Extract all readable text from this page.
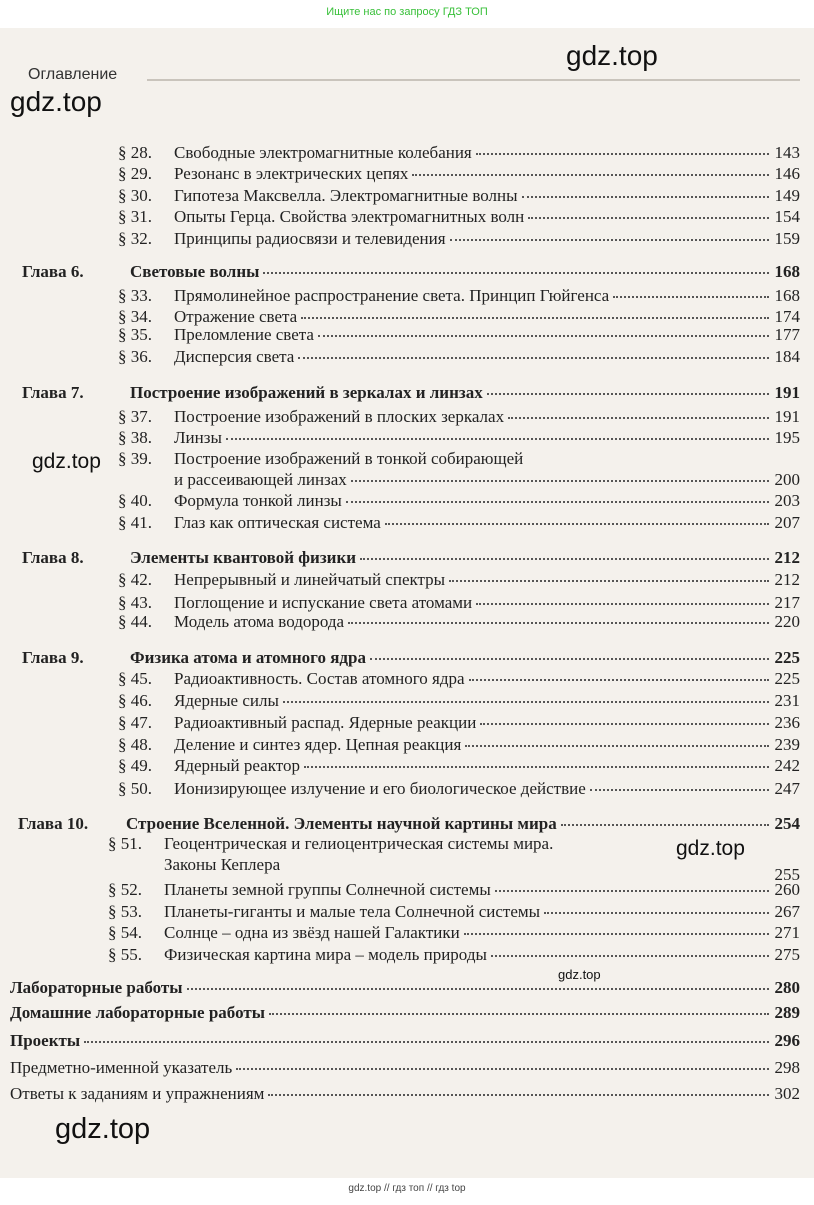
Ищите нас по запросу ГДЗ ТОП
Оглавление
gdz.top
gdz.top
gdz.top
gdz.top
gdz.top
gdz.top
§ 28.	Свободные электромагнитные колебания	143
§ 29.	Резонанс в электрических цепях	146
§ 30.	Гипотеза Максвелла. Электромагнитные волны	149
§ 31.	Опыты Герца. Свойства электромагнитных волн	154
§ 32.	Принципы радиосвязи и телевидения	159
Глава 6.	Световые волны	168
§ 33.	Прямолинейное распространение света. Принцип Гюйгенса	168
§ 34.	Отражение света	174
§ 35.	Преломление света	177
§ 36.	Дисперсия света	184
Глава 7.	Построение изображений в зеркалах и линзах	191
§ 37.	Построение изображений в плоских зеркалах	191
§ 38.	Линзы	195
§ 39. Построение изображений в тонкой собирающей
и рассеивающей линзах	200
§ 40.	Формула тонкой линзы	203
§ 41.	Глаз как оптическая система	207
Глава 8.	Элементы квантовой физики	212
§ 42.	Непрерывный и линейчатый спектры	212
§ 43.	Поглощение и испускание света атомами	217
§ 44.	Модель атома водорода	220
Глава 9.	Физика атома и атомного ядра	225
§ 45.	Радиоактивность. Состав атомного ядра	225
§ 46.	Ядерные силы	231
§ 47.	Радиоактивный распад. Ядерные реакции	236
§ 48.	Деление и синтез ядер. Цепная реакция	239
§ 49.	Ядерный реактор	242
§ 50.	Ионизирующее излучение и его биологическое действие	247
Глава 10.	Строение Вселенной. Элементы научной картины мира	254
§ 51. Геоцентрическая и гелиоцентрическая системы мира.
Законы Кеплера
255
§ 52.	Планеты земной группы Солнечной системы	260
§ 53.	Планеты-гиганты и малые тела Солнечной системы	267
§ 54.	Солнце – одна из звёзд нашей Галактики	271
§ 55.	Физическая картина мира – модель природы	275
Лабораторные работы	280
Домашние лабораторные работы	289
Проекты	296
Предметно-именной указатель	298
Ответы к заданиям и упражнениям	302
gdz.top // гдз топ // гдз top
